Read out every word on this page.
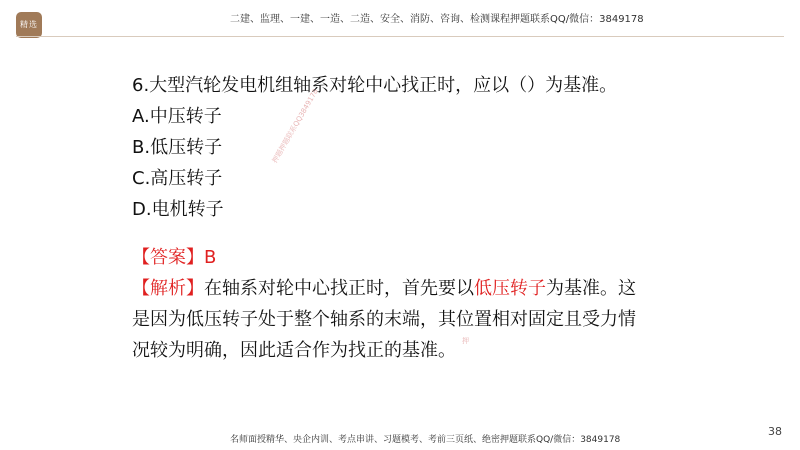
精选	二建、监理、一建、一造、二造、安全、消防、咨询、检测课程押题联系QQ/微信：3849178
押题押题联系QQ3849178
押

6.大型汽轮发电机组轴系对轮中心找正时，应以（）为基准。

A.中压转子

B.低压转子

C.高压转子

D.电机转子

【答案】B

【解析】在轴系对轮中心找正时，首先要以低压转子为基准。这是因为低压转子处于整个轴系的末端，其位置相对固定且受力情况较为明确，因此适合作为找正的基准。

名师面授精华、央企内训、考点串讲、习题模考、考前三页纸、绝密押题联系QQ/微信：3849178
38
